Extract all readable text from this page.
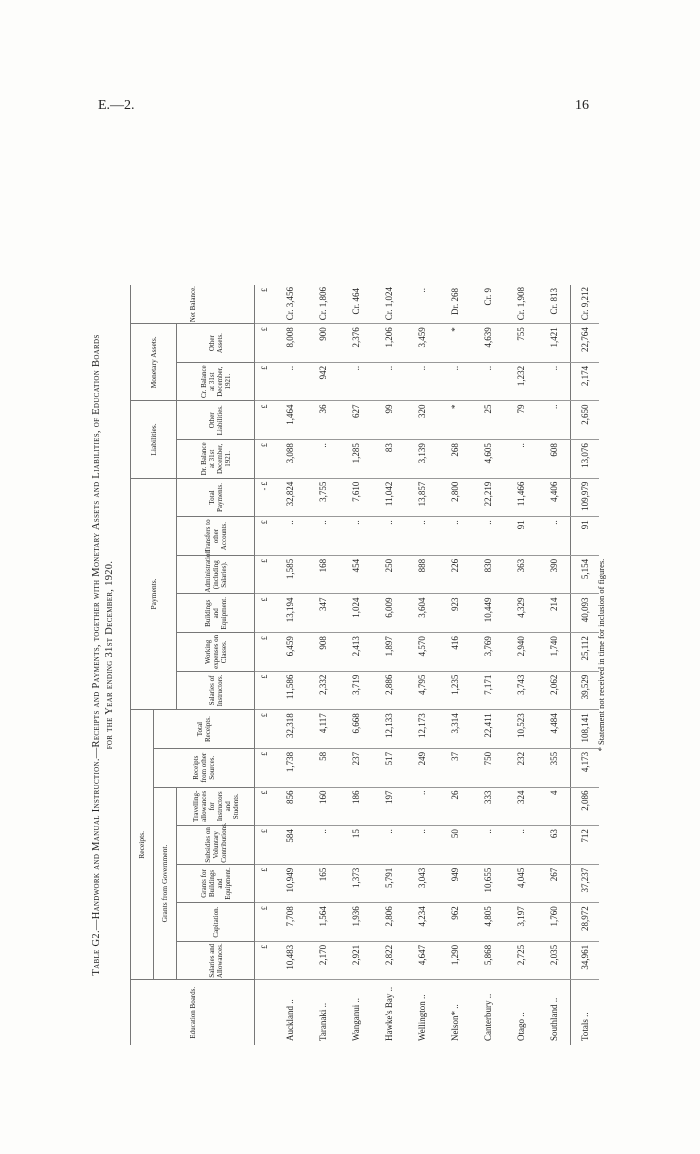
E.—2.	16
Table G2.—Handwork and Manual Instruction.—Receipts and Payments, together with Monetary Assets and Liabilities, of Education Boards for the Year ending 31st December, 1920.
Education Boards.	Receipts.							Payments.						Liabilities.		Monetary Assets.		Net Balance.
	Grants from Government.					Receipts from other Sources.	Total Receipts.											
	Salaries and Allowances.	Capitation.	Grants for Buildings and Equipment.	Subsidies on Voluntary Contributions.	Travelling-allowances for Instructors and Students.			Salaries of Instructors.	Working expenses on Classes.	Buildings and Equipment.	Administration (including Salaries).	Transfers to other Accounts.	Total Payments.	Dr. Balance at 31st December, 1921.	Other Liabilities.	Cr. Balance at 31st December, 1921.	Other Assets.	
	£	£	£	£	£	£	£	£	£	£	£	£	- £	£	£	£	£	£
Auckland ..	10,483	7,708	10,949	584	856	1,738	32,318	11,586	6,459	13,194	1,585	..	32,824	3,088	1,464	..	8,008	Cr. 3,456
Taranaki ..	2,170	1,564	165	..	160	58	4,117	2,332	908	347	168	..	3,755	..	36	942	900	Cr. 1,806
Wanganui ..	2,921	1,936	1,373	15	186	237	6,668	3,719	2,413	1,024	454	..	7,610	1,285	627	..	2,376	Cr. 464
Hawke's Bay ..	2,822	2,806	5,791	..	197	517	12,133	2,886	1,897	6,009	250	..	11,042	83	99	..	1,206	Cr. 1,024
Wellington ..	4,647	4,234	3,043	..	..	249	12,173	4,795	4,570	3,604	888	..	13,857	3,139	320	..	3,459	..
Nelson* ..	1,290	962	949	50	26	37	3,314	1,235	416	923	226	..	2,800	268	*	..	*	Dr. 268
Canterbury ..	5,868	4,805	10,655	..	333	750	22,411	7,171	3,769	10,449	830	..	22,219	4,605	25	..	4,639	Cr. 9
Otago ..	2,725	3,197	4,045	..	324	232	10,523	3,743	2,940	4,329	363	91	11,466	..	79	1,232	755	Cr. 1,908
Southland ..	2,035	1,760	267	63	4	355	4,484	2,062	1,740	214	390	..	4,406	608	..	..	1,421	Cr. 813
Totals ..	34,961	28,972	37,237	712	2,086	4,173	108,141	39,529	25,112	40,093	5,154	91	109,979	13,076	2,650	2,174	22,764	Cr. 9,212
* Statement not received in time for inclusion of figures.
